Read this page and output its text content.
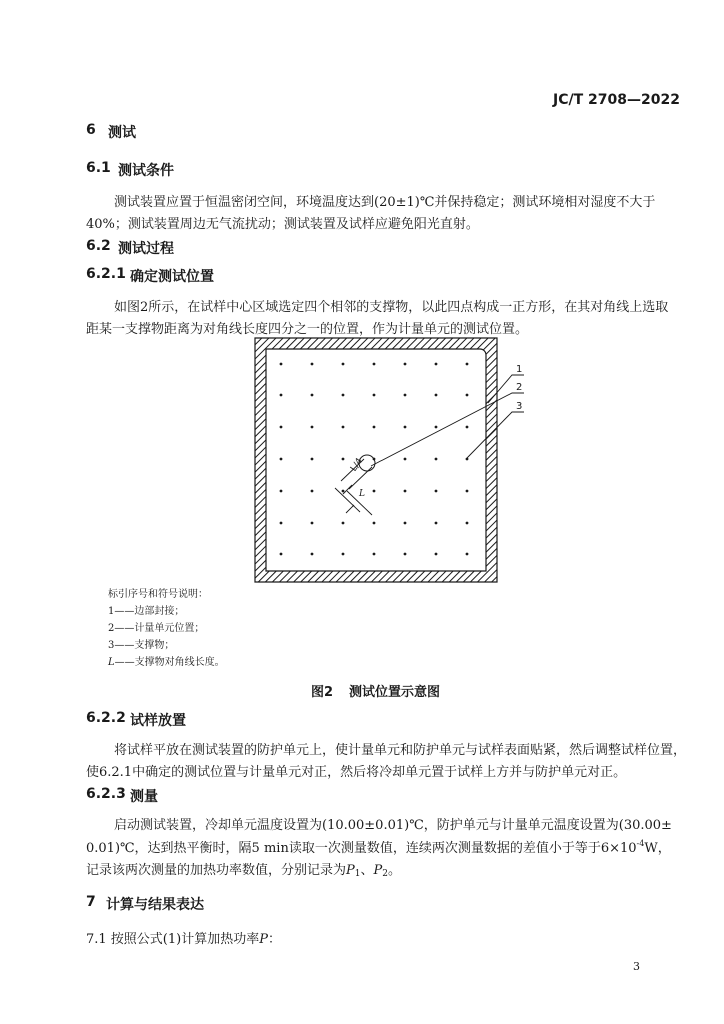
JC/T 2708—2022
6 测试
6.1 测试条件
测试装置应置于恒温密闭空间，环境温度达到(20±1)℃并保持稳定；测试环境相对湿度不大于
40%；测试装置周边无气流扰动；测试装置及试样应避免阳光直射。
6.2 测试过程
6.2.1 确定测试位置
如图2所示，在试样中心区域选定四个相邻的支撑物，以此四点构成一正方形，在其对角线上选取
距某一支撑物距离为对角线长度四分之一的位置，作为计量单元的测试位置。
L/4
L
1
2
3
标引序号和符号说明：
1——边部封接；
2——计量单元位置；
3——支撑物；
L——支撑物对角线长度。
图2 测试位置示意图
6.2.2 试样放置
将试样平放在测试装置的防护单元上，使计量单元和防护单元与试样表面贴紧，然后调整试样位置，
使6.2.1中确定的测试位置与计量单元对正，然后将冷却单元置于试样上方并与防护单元对正。
6.2.3 测量
启动测试装置，冷却单元温度设置为(10.00±0.01)℃，防护单元与计量单元温度设置为(30.00±
0.01)℃，达到热平衡时，隔5 min读取一次测量数值，连续两次测量数据的差值小于等于$6\times 10^{-4}W$，
记录该两次测量的加热功率数值，分别记录为$P_1$、$P_2$。
7 计算与结果表达
7.1 按照公式(1)计算加热功率P：
3
